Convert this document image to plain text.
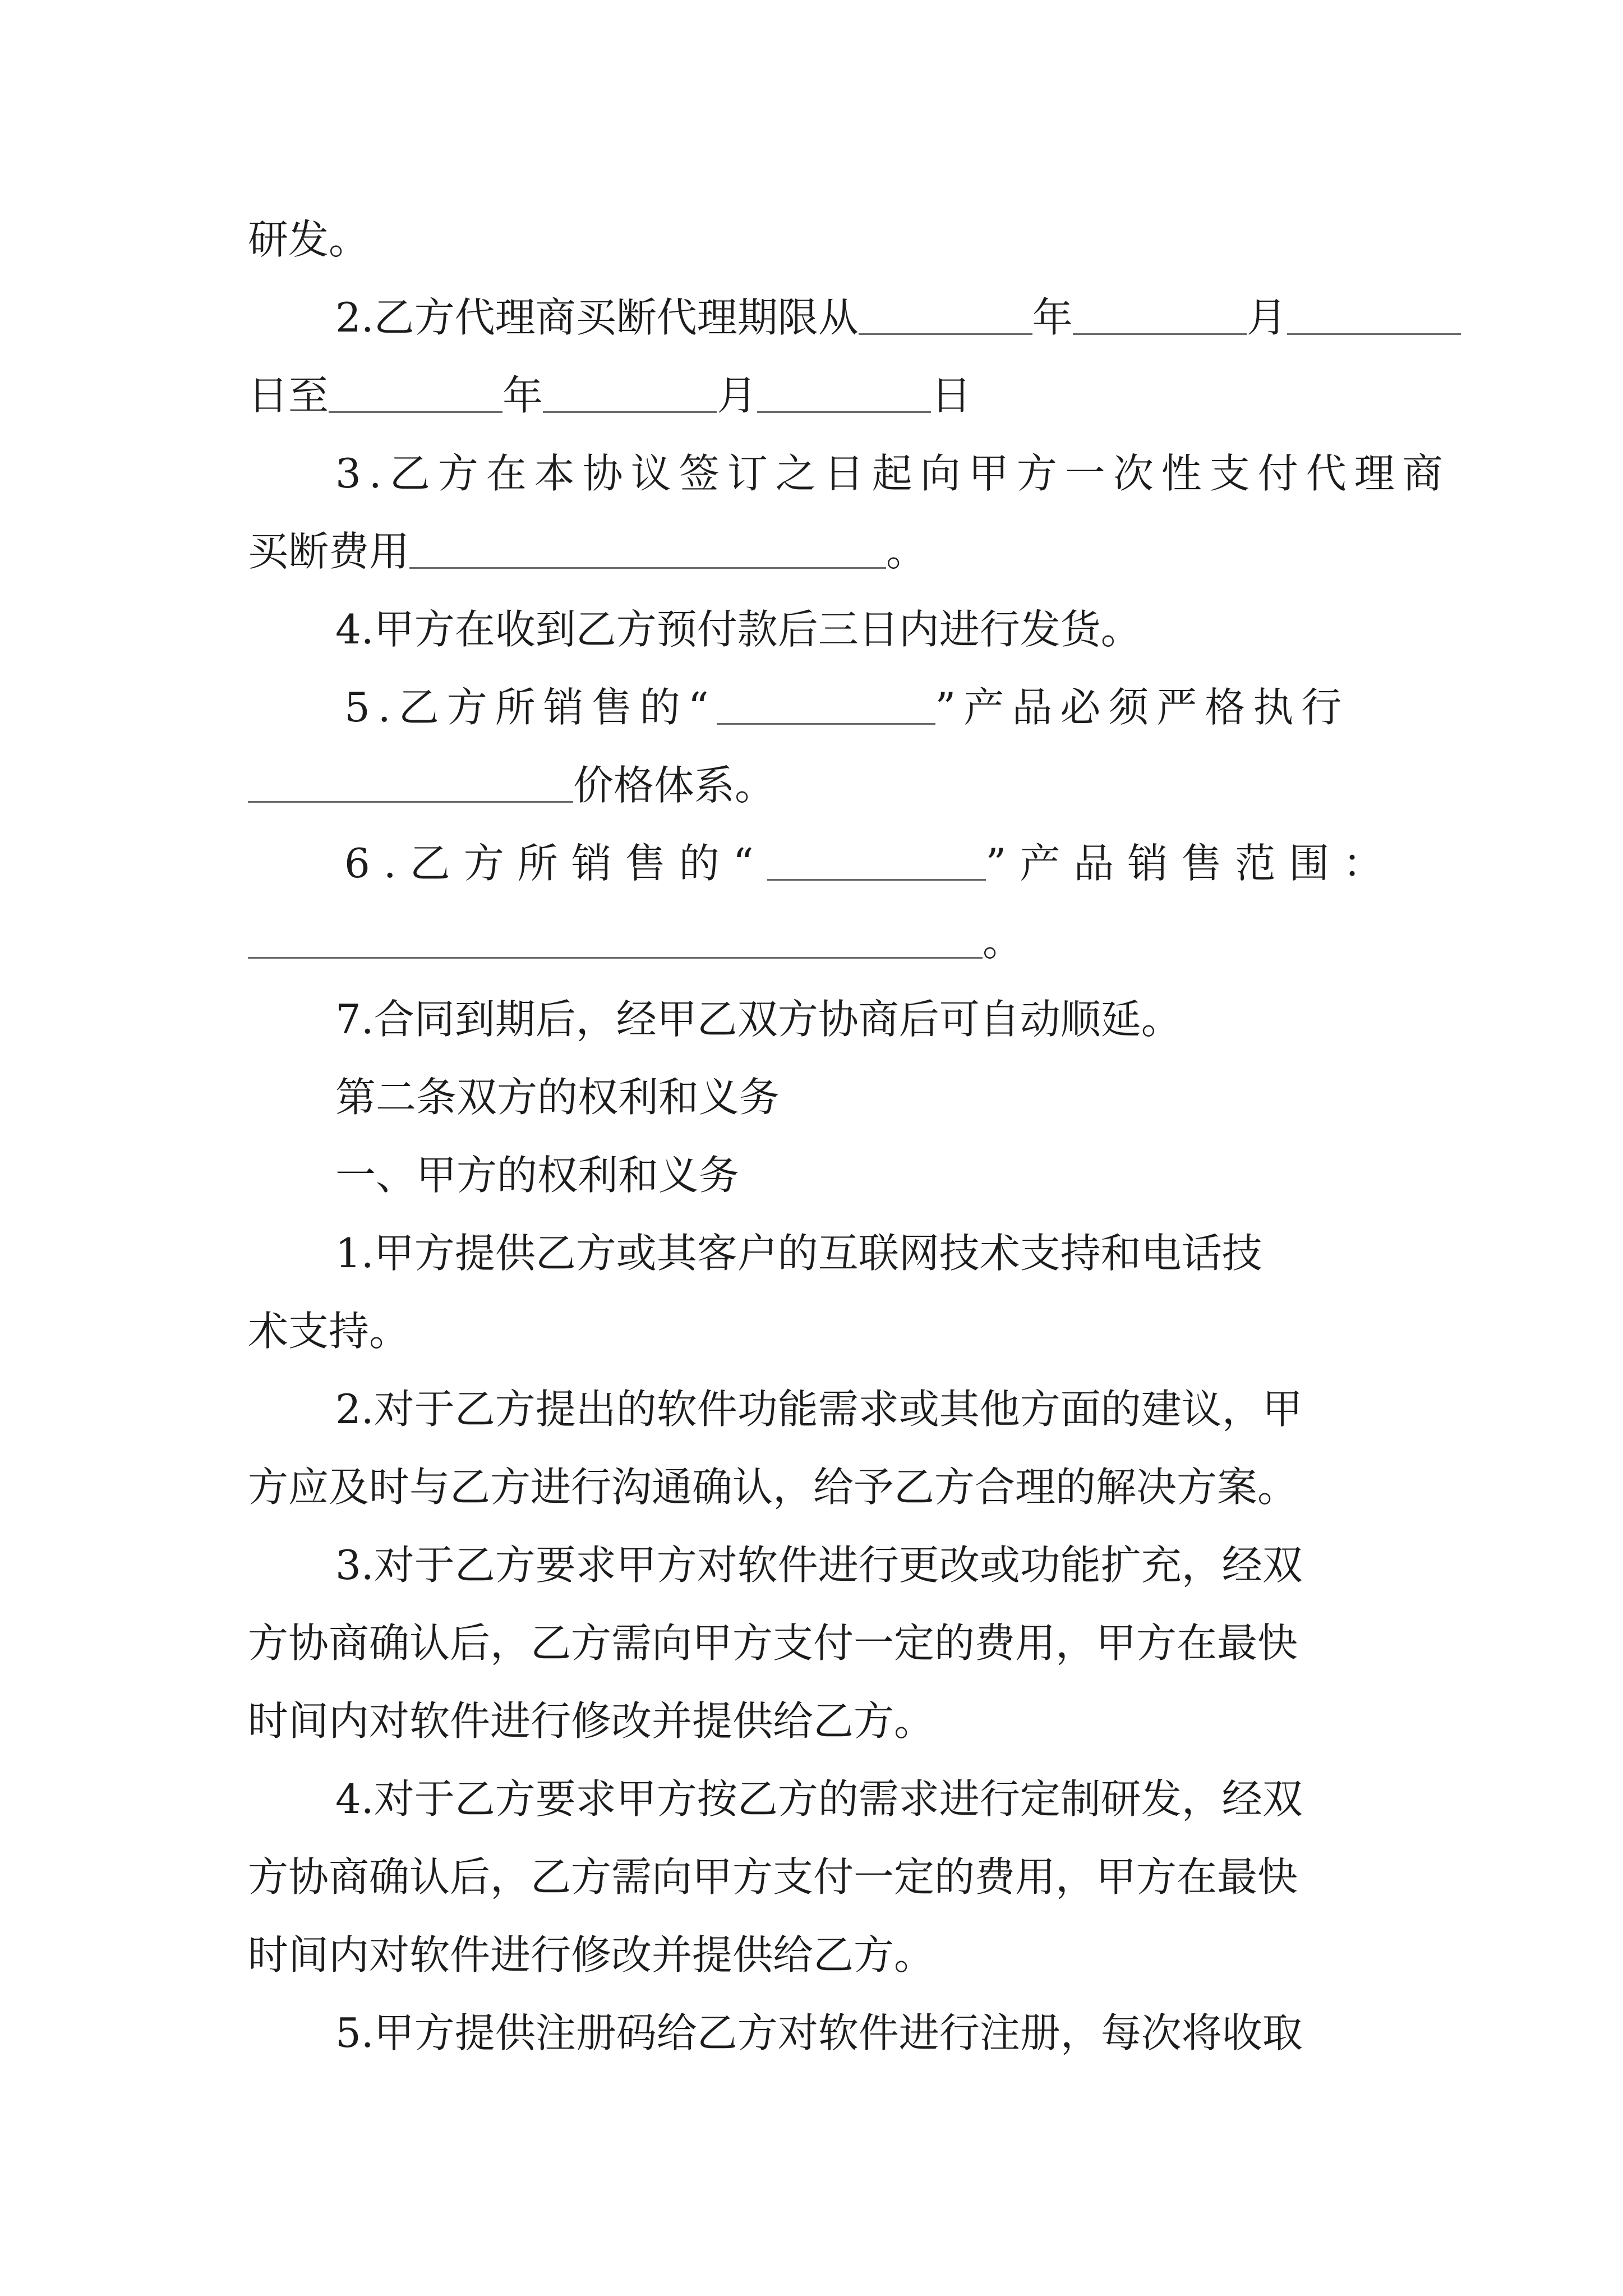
研发。
2.乙方代理商买断代理期限从	年	月
日至	年	月	日
3.乙方在本协议签订之日起向甲方一次性支付代理商
买断费用	。
4.甲方在收到乙方预付款后三日内进行发货。
5.乙方所销售的“	”产品必须严格执行
价格体系。
6.乙方所销售的“	”产品销售范围：
。
7.合同到期后，经甲乙双方协商后可自动顺延。
第二条双方的权利和义务
一、甲方的权利和义务
1.甲方提供乙方或其客户的互联网技术支持和电话技
术支持。
2.对于乙方提出的软件功能需求或其他方面的建议，甲
方应及时与乙方进行沟通确认，给予乙方合理的解决方案。
3.对于乙方要求甲方对软件进行更改或功能扩充，经双
方协商确认后，乙方需向甲方支付一定的费用，甲方在最快
时间内对软件进行修改并提供给乙方。
4.对于乙方要求甲方按乙方的需求进行定制研发，经双
方协商确认后，乙方需向甲方支付一定的费用，甲方在最快
时间内对软件进行修改并提供给乙方。
5.甲方提供注册码给乙方对软件进行注册，每次将收取
